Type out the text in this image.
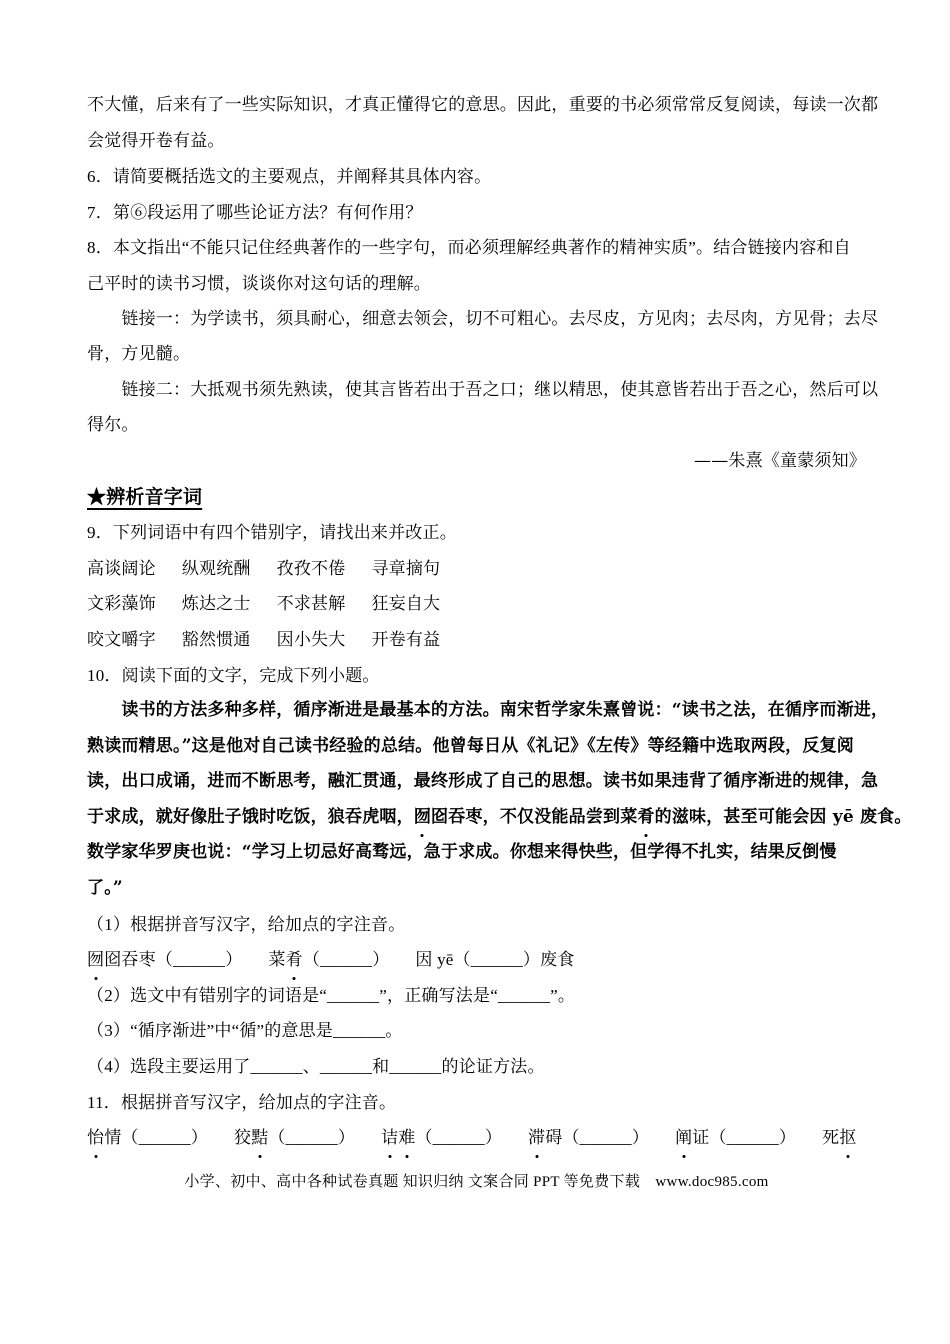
不大懂，后来有了一些实际知识，才真正懂得它的意思。因此，重要的书必须常常反复阅读，每读一次都
会觉得开卷有益。
6．请简要概括选文的主要观点，并阐释其具体内容。
7．第⑥段运用了哪些论证方法？有何作用？
8．本文指出“不能只记住经典著作的一些字句，而必须理解经典著作的精神实质”。结合链接内容和自
己平时的读书习惯，谈谈你对这句话的理解。
　　链接一：为学读书，须具耐心，细意去领会，切不可粗心。去尽皮，方见肉；去尽肉，方见骨；去尽
骨，方见髓。
　　链接二：大抵观书须先熟读，使其言皆若出于吾之口；继以精思，使其意皆若出于吾之心，然后可以
得尔。
——朱熹《童蒙须知》
★辨析音字词
9．下列词语中有四个错别字，请找出来并改正。
高谈阔论 纵观统酬 孜孜不倦 寻章摘句
文彩藻饰 炼达之士 不求甚解 狂妄自大
咬文嚼字 豁然惯通 因小失大 开卷有益
10．阅读下面的文字，完成下列小题。
　　读书的方法多种多样，循序渐进是最基本的方法。南宋哲学家朱熹曾说：“读书之法，在循序而渐进，
熟读而精思。”这是他对自己读书经验的总结。他曾每日从《礼记》《左传》等经籍中选取两段，反复阅
读，出口成诵，进而不断思考，融汇贯通，最终形成了自己的思想。读书如果违背了循序渐进的规律，急
于求成，就好像肚子饿时吃饭，狼吞虎咽，囫囵吞枣，不仅没能品尝到菜肴的滋味，甚至可能会因 yē 废食。
数学家华罗庚也说：“学习上切忌好高骛远，急于求成。你想来得快些，但学得不扎实，结果反倒慢
了。”
（1）根据拼音写汉字，给加点的字注音。
囫囵吞枣（______） 菜肴（______） 因 yē（______）废食
（2）选文中有错别字的词语是“______”，正确写法是“______”。
（3）“循序渐进”中“循”的意思是______。
（4）选段主要运用了______、______和______的论证方法。
11．根据拼音写汉字，给加点的字注音。
怡情（______） 狡黠（______） 诘难（______） 滞碍（______） 阐证（______） 死抠
小学、初中、高中各种试卷真题 知识归纳 文案合同 PPT 等免费下载　www.doc985.com
